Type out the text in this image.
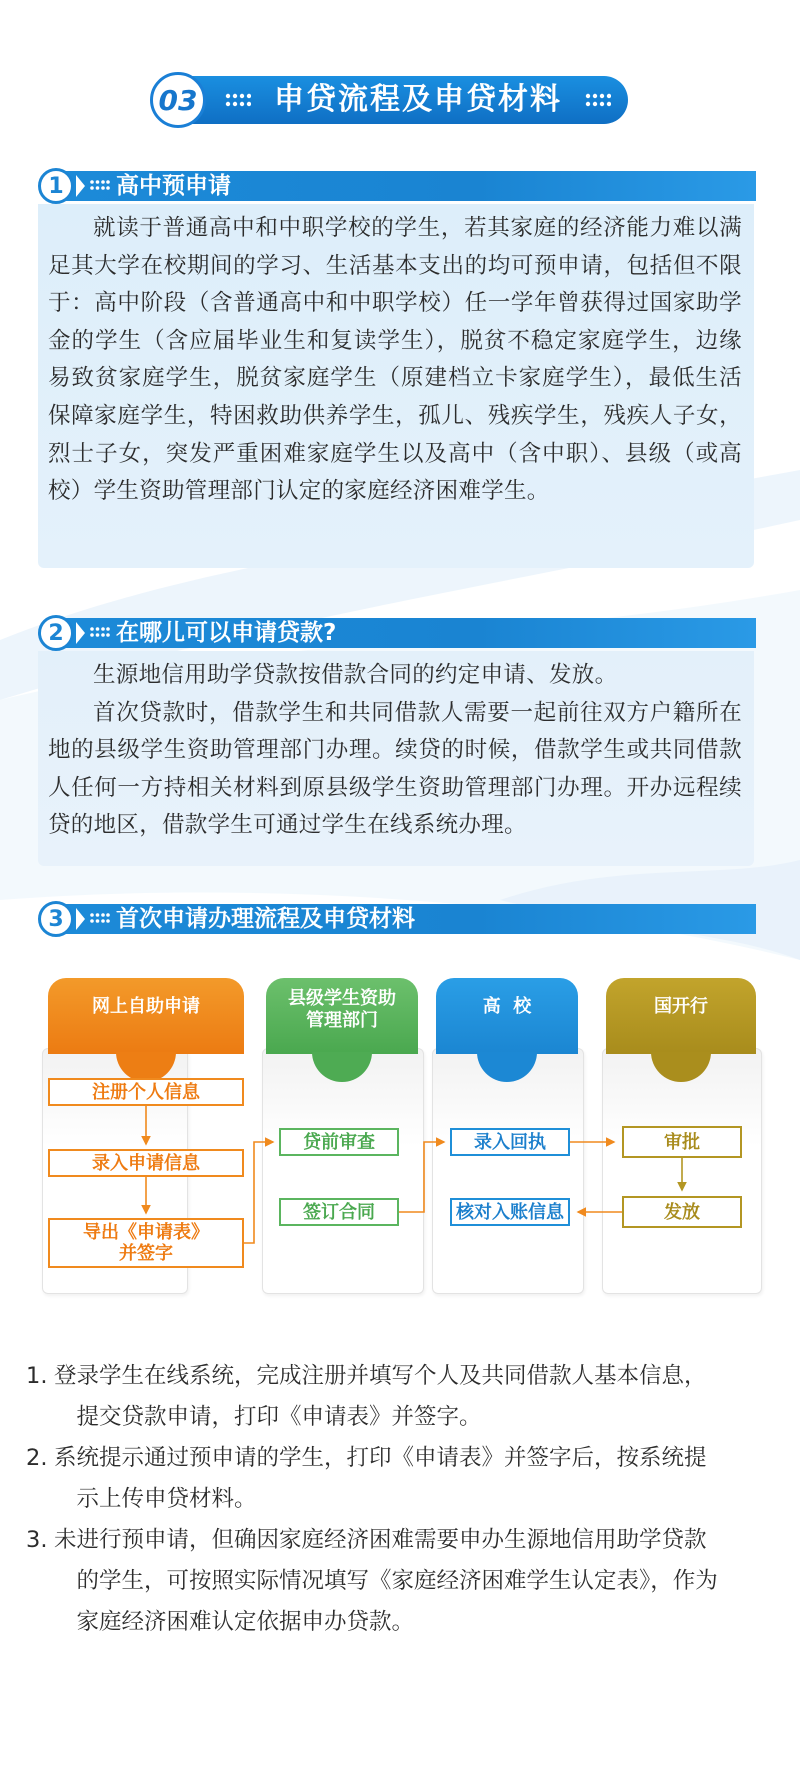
03	申贷流程及申贷材料
1 高中预申请

就读于普通高中和中职学校的学生，若其家庭的经济能力难以满足其大学在校期间的学习、生活基本支出的均可预申请，包括但不限于：高中阶段（含普通高中和中职学校）任一学年曾获得过国家助学金的学生（含应届毕业生和复读学生），脱贫不稳定家庭学生，边缘易致贫家庭学生，脱贫家庭学生（原建档立卡家庭学生），最低生活保障家庭学生，特困救助供养学生，孤儿、残疾学生，残疾人子女，烈士子女，突发严重困难家庭学生以及高中（含中职）、县级（或高校）学生资助管理部门认定的家庭经济困难学生。

2 在哪儿可以申请贷款?

生源地信用助学贷款按借款合同的约定申请、发放。

首次贷款时，借款学生和共同借款人需要一起前往双方户籍所在地的县级学生资助管理部门办理。续贷的时候，借款学生或共同借款人任何一方持相关材料到原县级学生资助管理部门办理。开办远程续贷的地区，借款学生可通过学生在线系统办理。

3 首次申请办理流程及申贷材料
网上自助申请	县级学生资助管理部门
高  校	国开行
注册个人信息
录入申请信息
导出《申请表》
并签字
贷前审查
签订合同
录入回执
核对入账信息
审批
发放
1. 登录学生在线系统，完成注册并填写个人及共同借款人基本信息，

提交贷款申请，打印《申请表》并签字。

2. 系统提示通过预申请的学生，打印《申请表》并签字后，按系统提

示上传申贷材料。

3. 未进行预申请，但确因家庭经济困难需要申办生源地信用助学贷款

的学生，可按照实际情况填写《家庭经济困难学生认定表》，作为

家庭经济困难认定依据申办贷款。
